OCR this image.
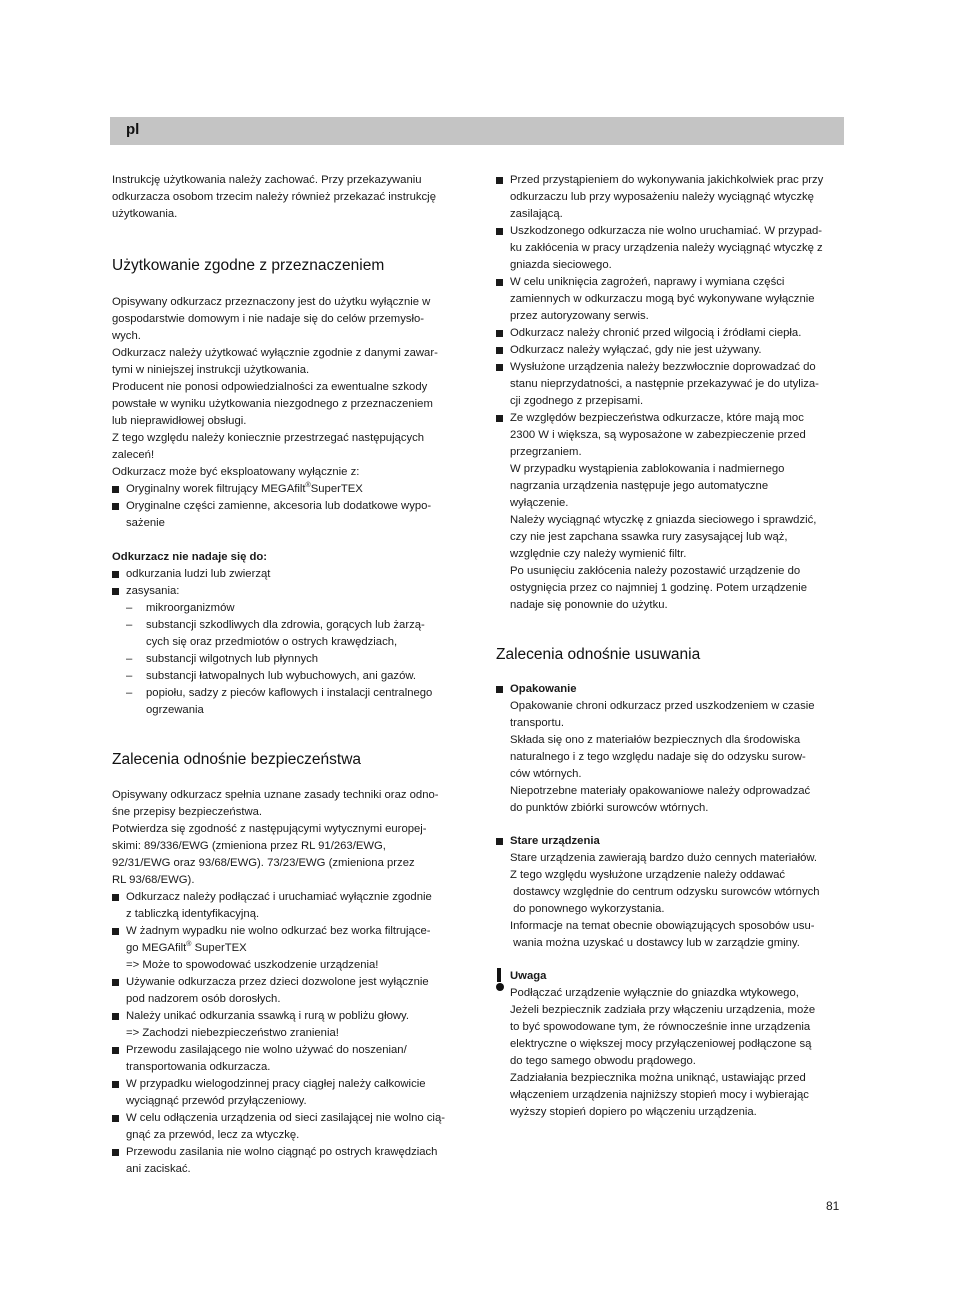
pl

Instrukcję użytkowania należy zachować. Przy przekazywaniu

odkurzacza osobom trzecim należy również przekazać instrukcję

użytkowania.

Użytkowanie zgodne z przeznaczeniem

Opisywany odkurzacz przeznaczony jest do użytku wyłącznie w

gospodarstwie domowym i nie nadaje się do celów przemysło-

wych.

Odkurzacz należy użytkować wyłącznie zgodnie z danymi zawar-

tymi w niniejszej instrukcji użytkowania.

Producent nie ponosi odpowiedzialności za ewentualne szkody

powstałe w wyniku użytkowania niezgodnego z przeznaczeniem

lub nieprawidłowej obsługi.

Z tego względu należy koniecznie przestrzegać następujących

zaleceń!

Odkurzacz może być eksploatowany wyłącznie z:

Oryginalny worek filtrujący MEGAfilt®SuperTEX

Oryginalne części zamienne, akcesoria lub dodatkowe wypo-

sażenie

Odkurzacz nie nadaje się do:

odkurzania ludzi lub zwierząt

zasysania:

– mikroorganizmów

– substancji szkodliwych dla zdrowia, gorących lub żarzą-

cych się oraz przedmiotów o ostrych krawędziach,

– substancji wilgotnych lub płynnych

– substancji łatwopalnych lub wybuchowych, ani gazów.

– popiołu, sadzy z pieców kaflowych i instalacji centralnego

ogrzewania

Zalecenia odnośnie bezpieczeństwa

Opisywany odkurzacz spełnia uznane zasady techniki oraz odno-

śne przepisy bezpieczeństwa.

Potwierdza się zgodność z następującymi wytycznymi europej-

skimi: 89/336/EWG (zmieniona przez RL 91/263/EWG,

92/31/EWG oraz 93/68/EWG). 73/23/EWG (zmieniona przez

RL 93/68/EWG).

Odkurzacz należy podłączać i uruchamiać wyłącznie zgodnie

z tabliczką identyfikacyjną.

W żadnym wypadku nie wolno odkurzać bez worka filtrujące-

go MEGAfilt® SuperTEX

=> Może to spowodować uszkodzenie urządzenia!

Używanie odkurzacza przez dzieci dozwolone jest wyłącznie

pod nadzorem osób dorosłych.

Należy unikać odkurzania ssawką i rurą w pobliżu głowy.

=> Zachodzi niebezpieczeństwo zranienia!

Przewodu zasilającego nie wolno używać do noszenian/

transportowania odkurzacza.

W przypadku wielogodzinnej pracy ciągłej należy całkowicie

wyciągnąć przewód przyłączeniowy.

W celu odłączenia urządzenia od sieci zasilającej nie wolno cią-

gnąć za przewód, lecz za wtyczkę.

Przewodu zasilania nie wolno ciągnąć po ostrych krawędziach

ani zaciskać.

Przed przystąpieniem do wykonywania jakichkolwiek prac przy

odkurzaczu lub przy wyposażeniu należy wyciągnąć wtyczkę

zasilającą.

Uszkodzonego odkurzacza nie wolno uruchamiać. W przypad-

ku zakłócenia w pracy urządzenia należy wyciągnąć wtyczkę z

gniazda sieciowego.

W celu uniknięcia zagrożeń, naprawy i wymiana części

zamiennych w odkurzaczu mogą być wykonywane wyłącznie

przez autoryzowany serwis.

Odkurzacz należy chronić przed wilgocią i źródłami ciepła.

Odkurzacz należy wyłączać, gdy nie jest używany.

Wysłużone urządzenia należy bezzwłocznie doprowadzać do

stanu nieprzydatności, a następnie przekazywać je do utyliza-

cji zgodnego z przepisami.

Ze względów bezpieczeństwa odkurzacze, które mają moc

2300 W i większa, są wyposażone w zabezpieczenie przed

przegrzaniem.

W przypadku wystąpienia zablokowania i nadmiernego

nagrzania urządzenia następuje jego automatyczne

wyłączenie.

Należy wyciągnąć wtyczkę z gniazda sieciowego i sprawdzić,

czy nie jest zapchana ssawka rury zasysającej lub wąż,

względnie czy należy wymienić filtr.

Po usunięciu zakłócenia należy pozostawić urządzenie do

ostygnięcia przez co najmniej 1 godzinę. Potem urządzenie

nadaje się ponownie do użytku.

Zalecenia odnośnie usuwania

Opakowanie

Opakowanie chroni odkurzacz przed uszkodzeniem w czasie

transportu.

Składa się ono z materiałów bezpiecznych dla środowiska

naturalnego i z tego względu nadaje się do odzysku surow-

ców wtórnych.

Niepotrzebne materiały opakowaniowe należy odprowadzać

do punktów zbiórki surowców wtórnych.

Stare urządzenia

Stare urządzenia zawierają bardzo dużo cennych materiałów.

Z tego względu wysłużone urządzenie należy oddawać

dostawcy względnie do centrum odzysku surowców wtórnych

do ponownego wykorzystania.

Informacje na temat obecnie obowiązujących sposobów usu-

wania można uzyskać u dostawcy lub w zarządzie gminy.

Uwaga

Podłączać urządzenie wyłącznie do gniazdka wtykowego,

Jeżeli bezpiecznik zadziała przy włączeniu urządzenia, może

to być spowodowane tym, że równocześnie inne urządzenia

elektryczne o większej mocy przyłączeniowej podłączone są

do tego samego obwodu prądowego.

Zadziałania bezpiecznika można uniknąć, ustawiając przed

włączeniem urządzenia najniższy stopień mocy i wybierając

wyższy stopień dopiero po włączeniu urządzenia.

81
